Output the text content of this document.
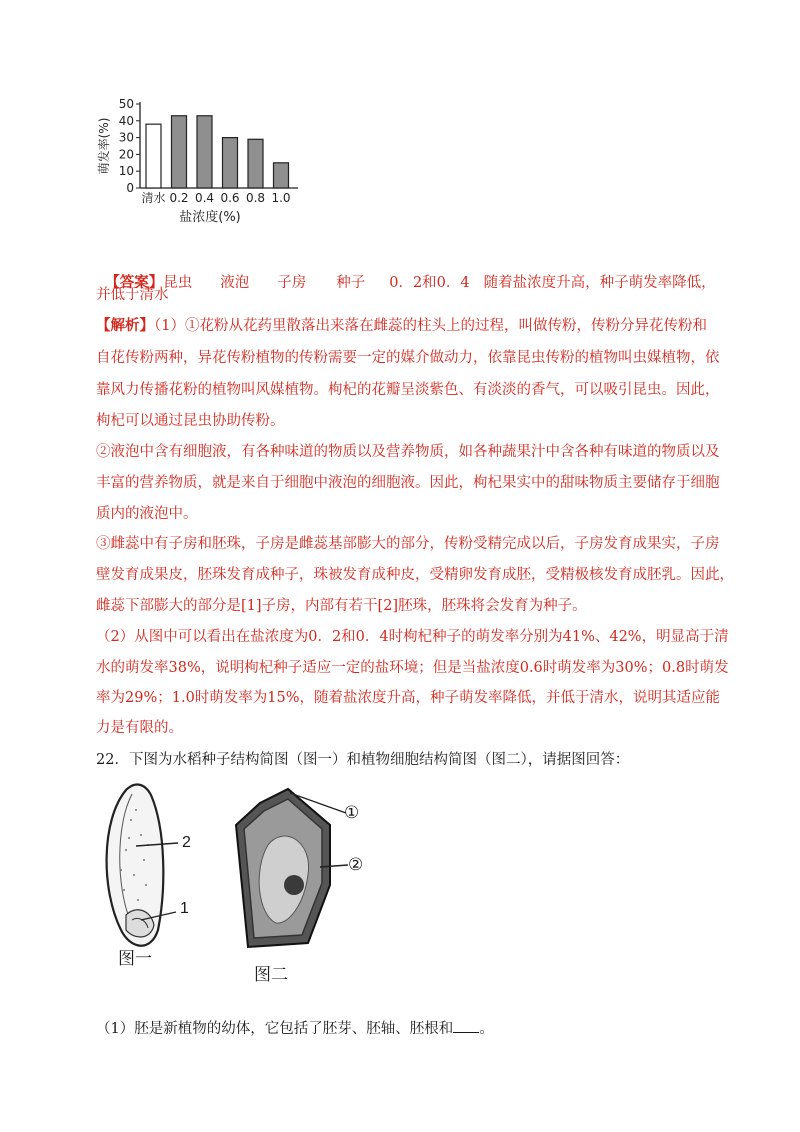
0
10
20
30
40
50
清水 0.2 0.4 0.6 0.8 1.0
盐浓度(%)
萌发率(%)

【答案】昆虫 液泡 子房 种子 0．2和0．4 随着盐浓度升高，种子萌发率降低，

并低于清水
【解析】（1）①花粉从花药里散落出来落在雌蕊的柱头上的过程，叫做传粉，传粉分异花传粉和
自花传粉两种，异花传粉植物的传粉需要一定的媒介做动力，依靠昆虫传粉的植物叫虫媒植物，依
靠风力传播花粉的植物叫风媒植物。枸杞的花瓣呈淡紫色、有淡淡的香气，可以吸引昆虫。因此，
枸杞可以通过昆虫协助传粉。
②液泡中含有细胞液，有各种味道的物质以及营养物质，如各种蔬果汁中含各种有味道的物质以及
丰富的营养物质，就是来自于细胞中液泡的细胞液。因此，枸杞果实中的甜味物质主要储存于细胞
质内的液泡中。
③雌蕊中有子房和胚珠，子房是雌蕊基部膨大的部分，传粉受精完成以后，子房发育成果实，子房
壁发育成果皮，胚珠发育成种子，珠被发育成种皮，受精卵发育成胚，受精极核发育成胚乳。因此，
雌蕊下部膨大的部分是[1]子房，内部有若干[2]胚珠，胚珠将会发育为种子。
（2）从图中可以看出在盐浓度为0．2和0．4时枸杞种子的萌发率分别为41%、42%，明显高于清
水的萌发率38%，说明枸杞种子适应一定的盐环境；但是当盐浓度0.6时萌发率为30%；0.8时萌发
率为29%；1.0时萌发率为15%，随着盐浓度升高，种子萌发率降低，并低于清水，说明其适应能
力是有限的。
22．下图为水稻种子结构简图（图一）和植物细胞结构简图（图二），请据图回答：
2
1
图一
①
②
图二
（1）胚是新植物的幼体，它包括了胚芽、胚轴、胚根和 。
